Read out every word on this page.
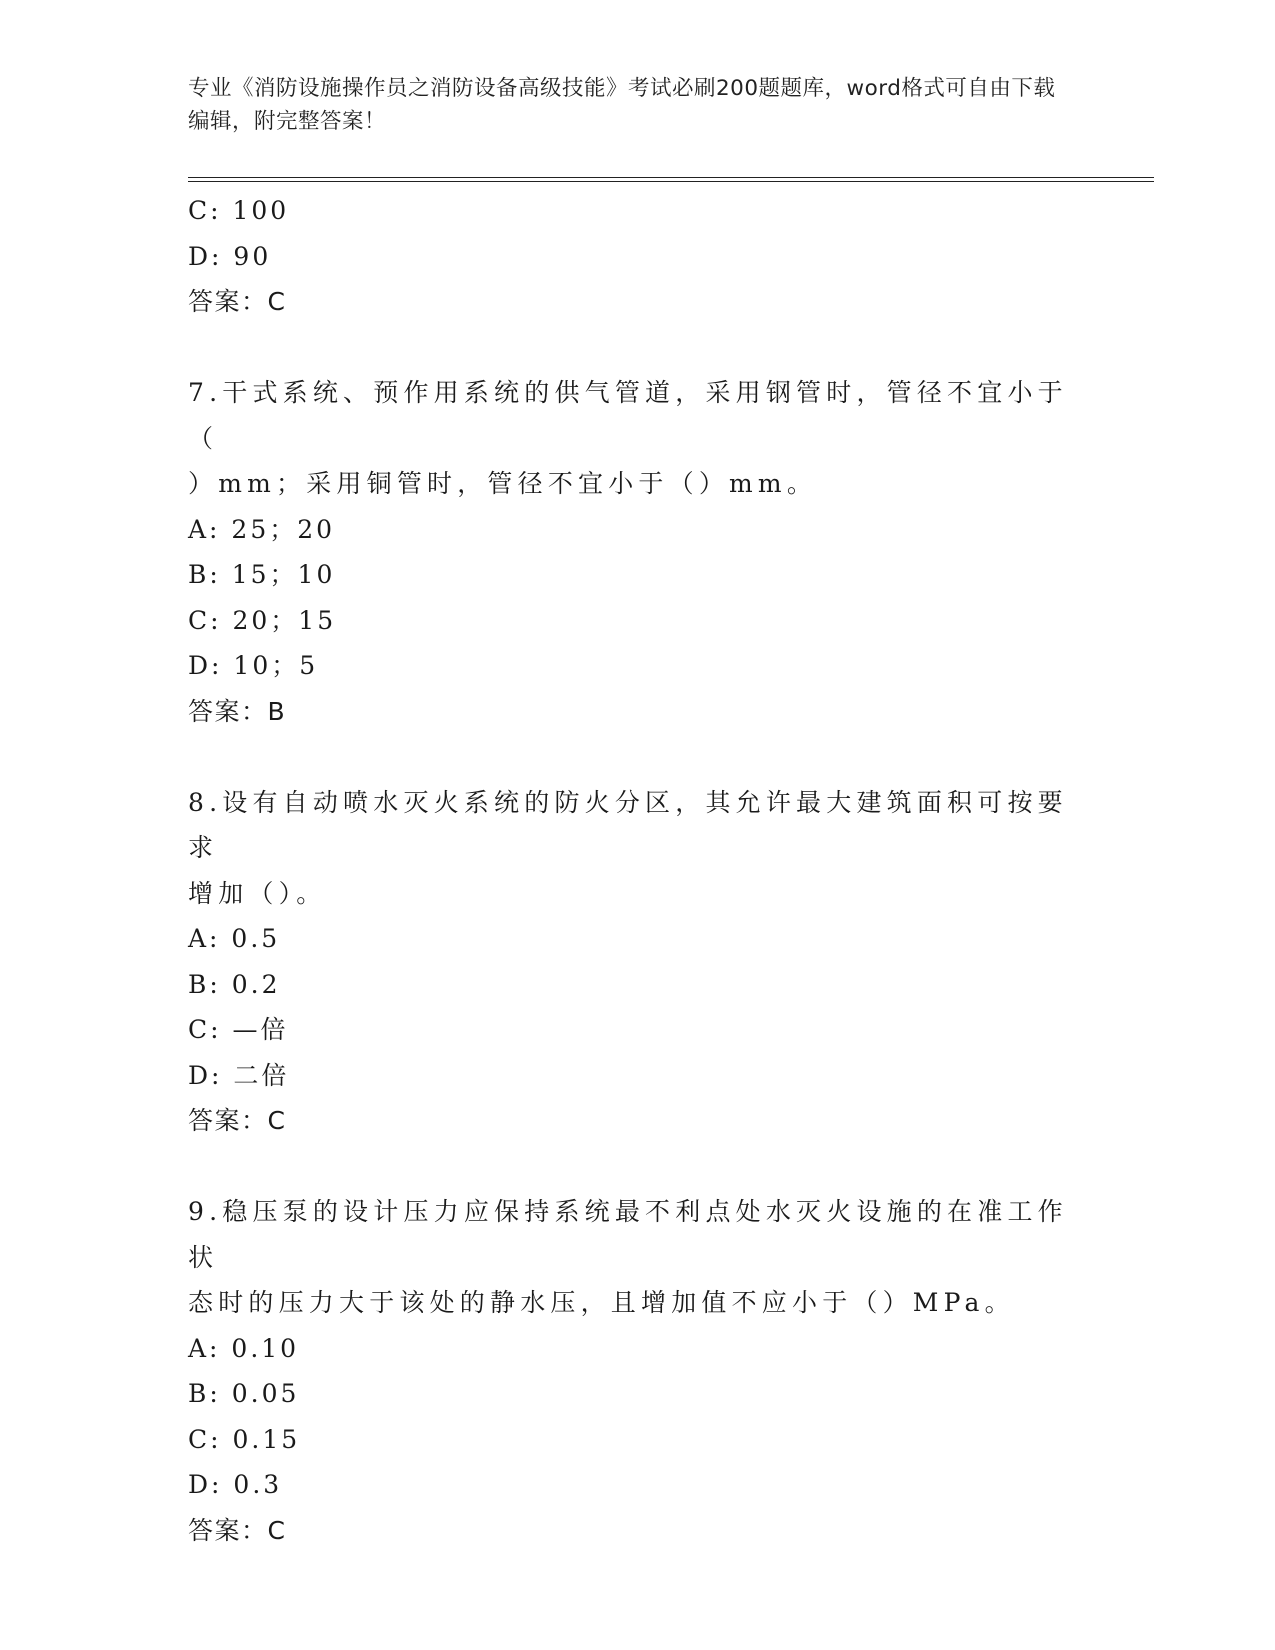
专业《消防设施操作员之消防设备高级技能》考试必刷200题题库，word格式可自由下载编辑，附完整答案！
C: 100
D: 90
答案：C
7.干式系统、预作用系统的供气管道，采用钢管时，管径不宜小于（
）mm；采用铜管时，管径不宜小于（）mm。
A: 25；20
B: 15；10
C: 20；15
D: 10；5
答案：B
8.设有自动喷水灭火系统的防火分区，其允许最大建筑面积可按要求
增加（）。
A: 0.5
B: 0.2
C: —倍
D: 二倍
答案：C
9.稳压泵的设计压力应保持系统最不利点处水灭火设施的在准工作状
态时的压力大于该处的静水压，且增加值不应小于（）MPa。
A: 0.10
B: 0.05
C: 0.15
D: 0.3
答案：C
